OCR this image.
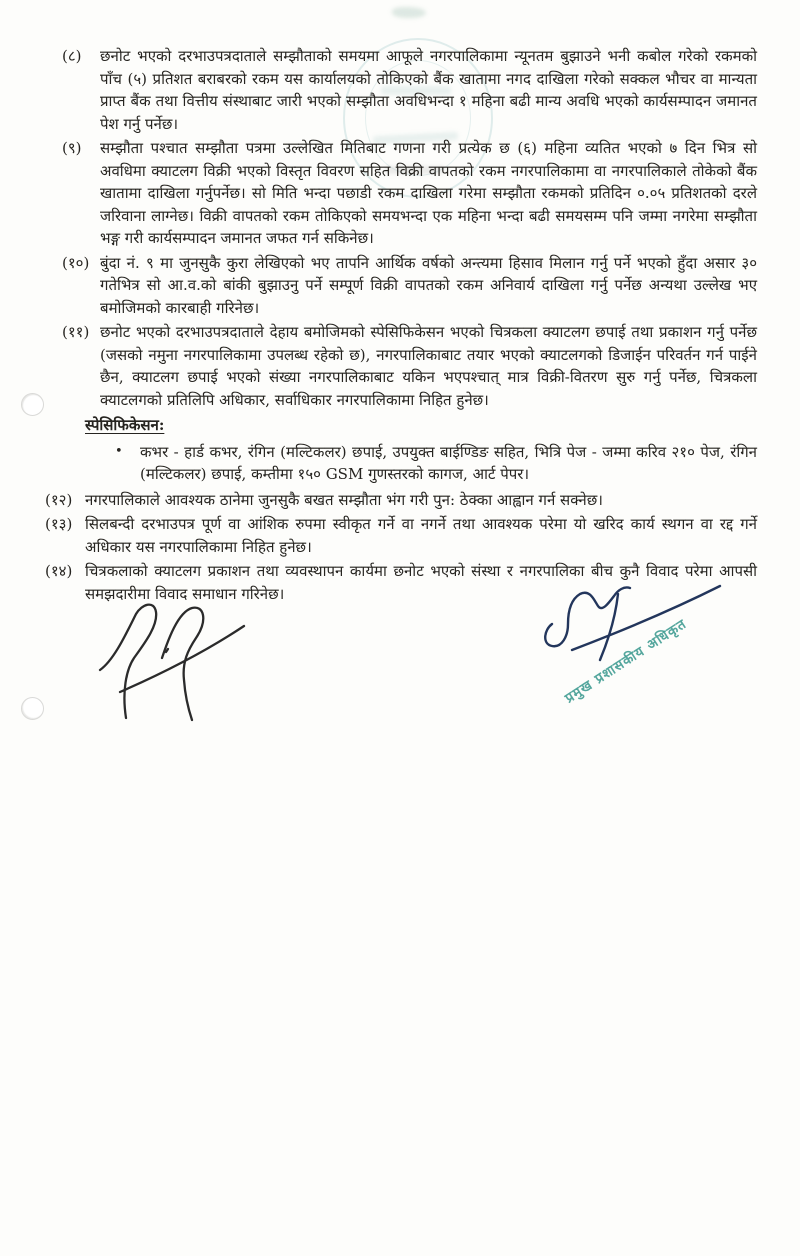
(८)	छनोट भएको दरभाउपत्रदाताले सम्झौताको समयमा आफूले नगरपालिकामा न्यूनतम बुझाउने भनी कबोल गरेको रकमको पाँच (५) प्रतिशत बराबरको रकम यस कार्यालयको तोकिएको बैंक खातामा नगद दाखिला गरेको सक्कल भौचर वा मान्यता प्राप्त बैंक तथा वित्तीय संस्थाबाट जारी भएको सम्झौता अवधिभन्दा १ महिना बढी मान्य अवधि भएको कार्यसम्पादन जमानत पेश गर्नु पर्नेछ।
(९)	सम्झौता पश्चात सम्झौता पत्रमा उल्लेखित मितिबाट गणना गरी प्रत्येक छ (६) महिना व्यतित भएको ७ दिन भित्र सो अवधिमा क्याटलग विक्री भएको विस्तृत विवरण सहित विक्री वापतको रकम नगरपालिकामा वा नगरपालिकाले तोकेको बैंक खातामा दाखिला गर्नुपर्नेछ। सो मिति भन्दा पछाडी रकम दाखिला गरेमा सम्झौता रकमको प्रतिदिन ०.०५ प्रतिशतको दरले जरिवाना लाग्नेछ। विक्री वापतको रकम तोकिएको समयभन्दा एक महिना भन्दा बढी समयसम्म पनि जम्मा नगरेमा सम्झौता भङ्ग गरी कार्यसम्पादन जमानत जफत गर्न सकिनेछ।
(१०) बुंदा नं. ९ मा जुनसुकै कुरा लेखिएको भए तापनि आर्थिक वर्षको अन्त्यमा हिसाव मिलान गर्नु पर्ने भएको हुँदा असार ३० गतेभित्र सो आ.व.को बांकी बुझाउनु पर्ने सम्पूर्ण विक्री वापतको रकम अनिवार्य दाखिला गर्नु पर्नेछ अन्यथा उल्लेख भए बमोजिमको कारबाही गरिनेछ।
(११) छनोट भएको दरभाउपत्रदाताले देहाय बमोजिमको स्पेसिफिकेसन भएको चित्रकला क्याटलग छपाई तथा प्रकाशन गर्नु पर्नेछ (जसको नमुना नगरपालिकामा उपलब्ध रहेको छ), नगरपालिकाबाट तयार भएको क्याटलगको डिजाईन परिवर्तन गर्न पाईने छैन, क्याटलग छपाई भएको संख्या नगरपालिकाबाट यकिन भएपश्चात् मात्र विक्री-वितरण सुरु गर्नु पर्नेछ, चित्रकला क्याटलगको प्रतिलिपि अधिकार, सर्वाधिकार नगरपालिकामा निहित हुनेछ।
स्पेसिफिकेसन:
•	कभर - हार्ड कभर, रंगिन (मल्टिकलर) छपाई, उपयुक्त बाईण्डिङ सहित, भित्रि पेज - जम्मा करिव २१० पेज, रंगिन (मल्टिकलर) छपाई, कम्तीमा १५० GSM गुणस्तरको कागज, आर्ट पेपर।
(१२) नगरपालिकाले आवश्यक ठानेमा जुनसुकै बखत सम्झौता भंग गरी पुन: ठेक्का आह्वान गर्न सक्नेछ।
(१३) सिलबन्दी दरभाउपत्र पूर्ण वा आंशिक रुपमा स्वीकृत गर्ने वा नगर्ने तथा आवश्यक परेमा यो खरिद कार्य स्थगन वा रद्द गर्ने अधिकार यस नगरपालिकामा निहित हुनेछ।
(१४) चित्रकलाको क्याटलग प्रकाशन तथा व्यवस्थापन कार्यमा छनोट भएको संस्था र नगरपालिका बीच कुनै विवाद परेमा आपसी समझदारीमा विवाद समाधान गरिनेछ।
प्रमुख प्रशासकीय अधिकृत
